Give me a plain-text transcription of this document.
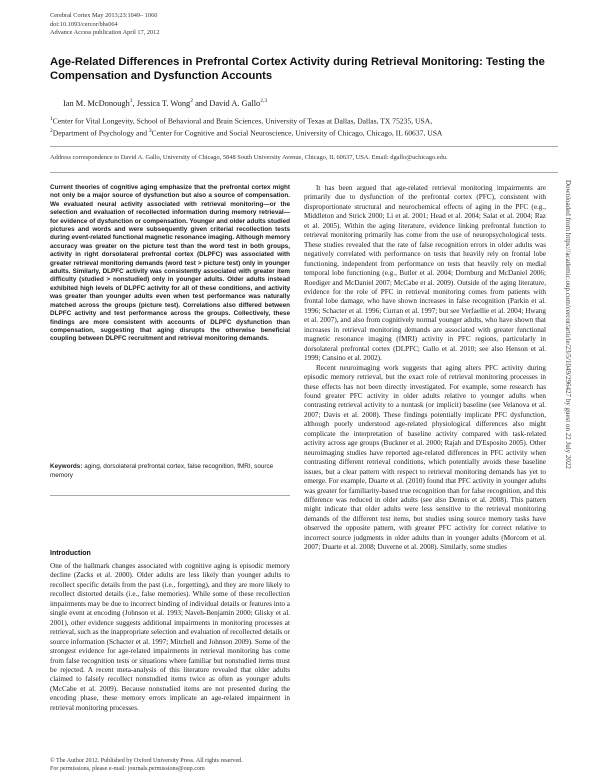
Cerebral Cortex May 2013;23:1049– 1060
doi:10.1093/cercor/bhs064
Advance Access publication April 17, 2012
Age-Related Differences in Prefrontal Cortex Activity during Retrieval Monitoring: Testing the Compensation and Dysfunction Accounts
Ian M. McDonough$^1$, Jessica T. Wong$^2$ and David A. Gallo$^{2,3}$
$^1$Center for Vital Longevity, School of Behavioral and Brain Sciences, University of Texas at Dallas, Dallas, TX 75235, USA,
$^2$Department of Psychology and $^3$Center for Cognitive and Social Neuroscience, University of Chicago, Chicago, IL 60637, USA
Address correspondence to David A. Gallo, University of Chicago, 5848 South University Avenue, Chicago, IL 60637, USA. Email: dgallo@uchicago.edu.
Current theories of cognitive aging emphasize that the prefrontal cortex might not only be a major source of dysfunction but also a source of compensation. We evaluated neural activity associated with retrieval monitoring—or the selection and evaluation of recollected information during memory retrieval—for evidence of dysfunction or compensation. Younger and older adults studied pictures and words and were subsequently given criterial recollection tests during event-related functional magnetic resonance imaging. Although memory accuracy was greater on the picture test than the word test in both groups, activity in right dorsolateral prefrontal cortex (DLPFC) was associated with greater retrieval monitoring demands (word test > picture test) only in younger adults. Similarly, DLPFC activity was consistently associated with greater item difficulty (studied > nonstudied) only in younger adults. Older adults instead exhibited high levels of DLPFC activity for all of these conditions, and activity was greater than younger adults even when test performance was naturally matched across the groups (picture test). Correlations also differed between DLPFC activity and test performance across the groups. Collectively, these findings are more consistent with accounts of DLPFC dysfunction than compensation, suggesting that aging disrupts the otherwise beneficial coupling between DLPFC recruitment and retrieval monitoring demands.
Keywords: aging, dorsolateral prefrontal cortex, false recognition, fMRI, source memory
Introduction
One of the hallmark changes associated with cognitive aging is episodic memory decline (Zacks et al. 2000). Older adults are less likely than younger adults to recollect specific details from the past (i.e., forgetting), and they are more likely to recollect distorted details (i.e., false memories). While some of these recollection impairments may be due to incorrect binding of individual details or features into a single event at encoding (Johnson et al. 1993; Naveh-Benjamin 2000; Glisky et al. 2001), other evidence suggests additional impairments in monitoring processes at retrieval, such as the inappropriate selection and evaluation of recollected details or source information (Schacter et al. 1997; Mitchell and Johnson 2009). Some of the strongest evidence for age-related impairments in retrieval monitoring has come from false recognition tests or situations where familiar but nonstudied items must be rejected. A recent meta-analysis of this literature revealed that older adults claimed to falsely recollect nonstudied items twice as often as younger adults (McCabe et al. 2009). Because nonstudied items are not presented during the encoding phase, these memory errors implicate an age-related impairment in retrieval monitoring processes.

It has been argued that age-related retrieval monitoring impairments are primarily due to dysfunction of the prefrontal cortex (PFC), consistent with disproportionate structural and neurochemical effects of aging in the PFC (e.g., Middleton and Strick 2000; Li et al. 2001; Head et al. 2004; Salat et al. 2004; Raz et al. 2005). Within the aging literature, evidence linking prefrontal function to retrieval monitoring primarily has come from the use of neuropsychological tests. These studies revealed that the rate of false recognition errors in older adults was negatively correlated with performance on tests that heavily rely on frontal lobe functioning, independent from performance on tests that heavily rely on medial temporal lobe functioning (e.g., Butler et al. 2004; Dornburg and McDaniel 2006; Roediger and McDaniel 2007; McCabe et al. 2009). Outside of the aging literature, evidence for the role of PFC in retrieval monitoring comes from patients with frontal lobe damage, who have shown increases in false recognition (Parkin et al. 1996; Schacter et al. 1996; Curran et al. 1997; but see Verfaellie et al. 2004; Hwang et al. 2007), and also from cognitively normal younger adults, who have shown that increases in retrieval monitoring demands are associated with greater functional magnetic resonance imaging (fMRI) activity in PFC regions, particularly in dorsolateral prefrontal cortex (DLPFC; Gallo et al. 2010; see also Henson et al. 1999; Cansino et al. 2002).

Recent neuroimaging work suggests that aging alters PFC activity during episodic memory retrieval, but the exact role of retrieval monitoring processes in these effects has not been directly investigated. For example, some research has found greater PFC activity in older adults relative to younger adults when contrasting retrieval activity to a nontask (or implicit) baseline (see Velanova et al. 2007; Davis et al. 2008). These findings potentially implicate PFC dysfunction, although poorly understood age-related physiological differences also might complicate the interpretation of baseline activity compared with task-related activity across age groups (Buckner et al. 2000; Rajah and D'Esposito 2005). Other neuroimaging studies have reported age-related differences in PFC activity when contrasting different retrieval conditions, which potentially avoids these baseline issues, but a clear pattern with respect to retrieval monitoring demands has yet to emerge. For example, Duarte et al. (2010) found that PFC activity in younger adults was greater for familiarity-based true recognition than for false recognition, and this difference was reduced in older adults (see also Dennis et al. 2008). This pattern might indicate that older adults were less sensitive to the retrieval monitoring demands of the different test items, but studies using source memory tasks have observed the opposite pattern, with greater PFC activity for correct relative to incorrect source judgments in older adults than in younger adults (Morcom et al. 2007; Duarte et al. 2008; Duverne et al. 2008). Similarly, some studies

© The Author 2012. Published by Oxford University Press. All rights reserved.
For permissions, please e-mail: journals.permissions@oup.com
Downloaded from https://academic.oup.com/cercor/article/23/5/1049/296427 by guest on 22 July 2022
